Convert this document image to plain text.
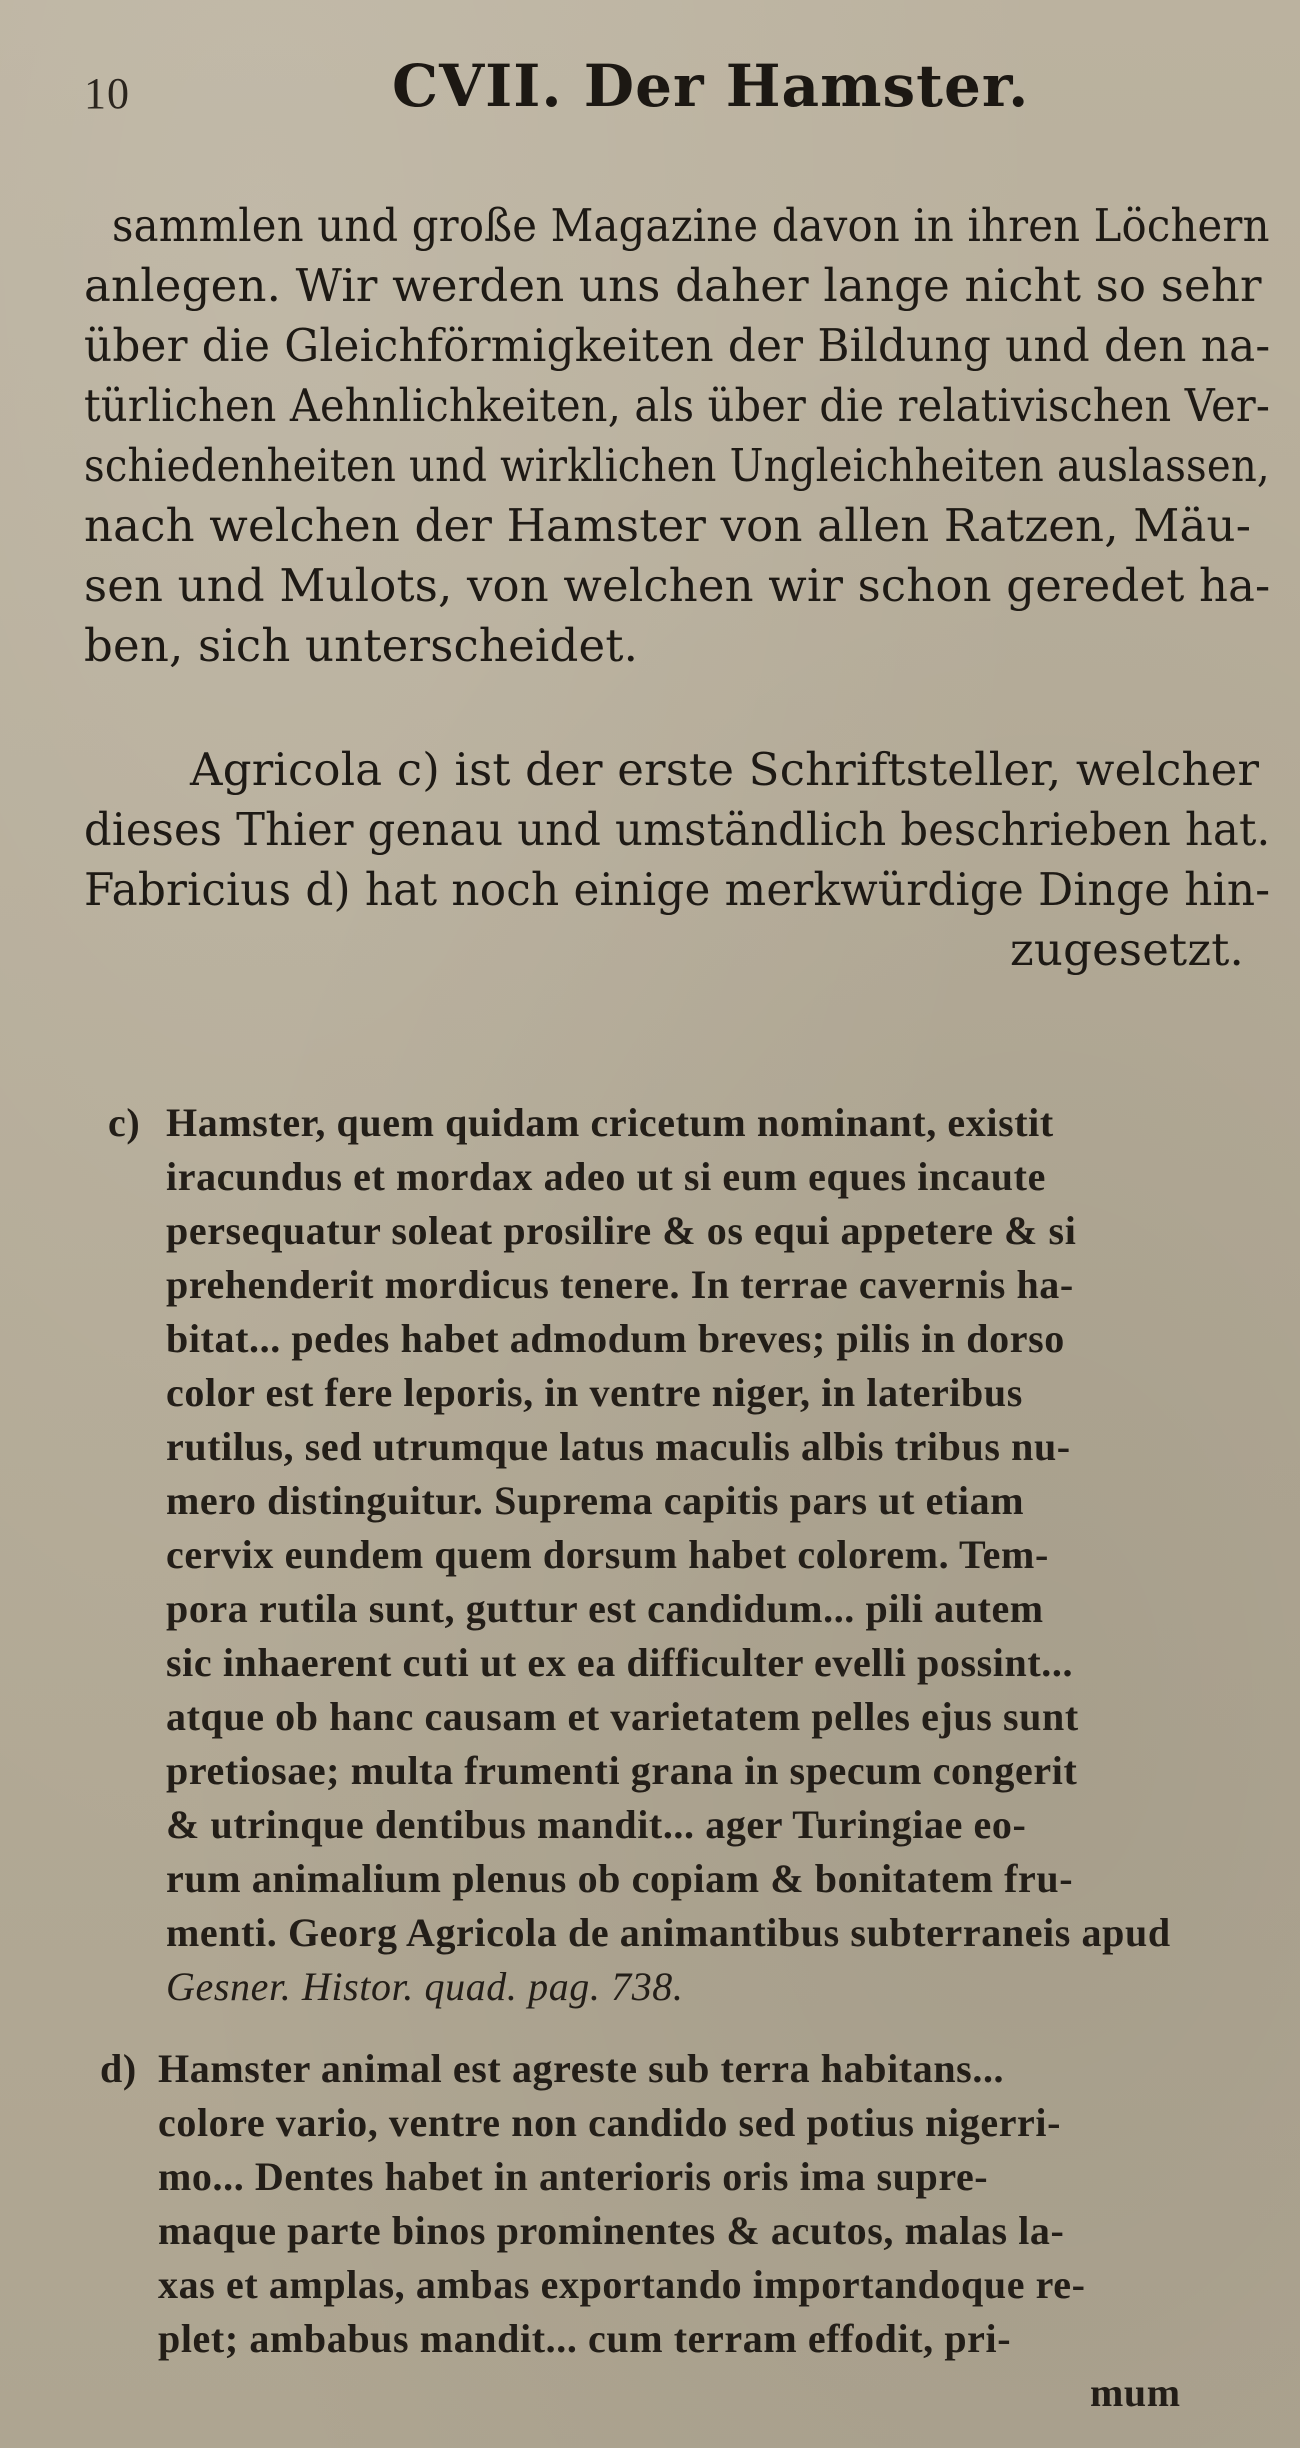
10	CVII. Der Hamster.
sammlen und große Magazine davon in ihren Löchern
anlegen. Wir werden uns daher lange nicht so sehr
über die Gleichförmigkeiten der Bildung und den na-
türlichen Aehnlichkeiten, als über die relativischen Ver-
schiedenheiten und wirklichen Ungleichheiten auslassen,
nach welchen der Hamster von allen Ratzen, Mäu-
sen und Mulots, von welchen wir schon geredet ha-
ben, sich unterscheidet.
Agricola c) ist der erste Schriftsteller, welcher
dieses Thier genau und umständlich beschrieben hat.
Fabricius d) hat noch einige merkwürdige Dinge hin-
zugesetzt.
c) Hamster, quem quidam cricetum nominant, existit
iracundus et mordax adeo ut si eum eques incaute
persequatur soleat prosilire & os equi appetere & si
prehenderit mordicus tenere. In terrae cavernis ha-
bitat... pedes habet admodum breves; pilis in dorso
color est fere leporis, in ventre niger, in lateribus
rutilus, sed utrumque latus maculis albis tribus nu-
mero distinguitur. Suprema capitis pars ut etiam
cervix eundem quem dorsum habet colorem. Tem-
pora rutila sunt, guttur est candidum... pili autem
sic inhaerent cuti ut ex ea difficulter evelli possint...
atque ob hanc causam et varietatem pelles ejus sunt
pretiosae; multa frumenti grana in specum congerit
& utrinque dentibus mandit... ager Turingiae eo-
rum animalium plenus ob copiam & bonitatem fru-
menti. Georg Agricola de animantibus subterraneis apud
Gesner. Histor. quad. pag. 738.
d) Hamster animal est agreste sub terra habitans...
colore vario, ventre non candido sed potius nigerri-
mo... Dentes habet in anterioris oris ima supre-
maque parte binos prominentes & acutos, malas la-
xas et amplas, ambas exportando importandoque re-
plet; ambabus mandit... cum terram effodit, pri-
mum
